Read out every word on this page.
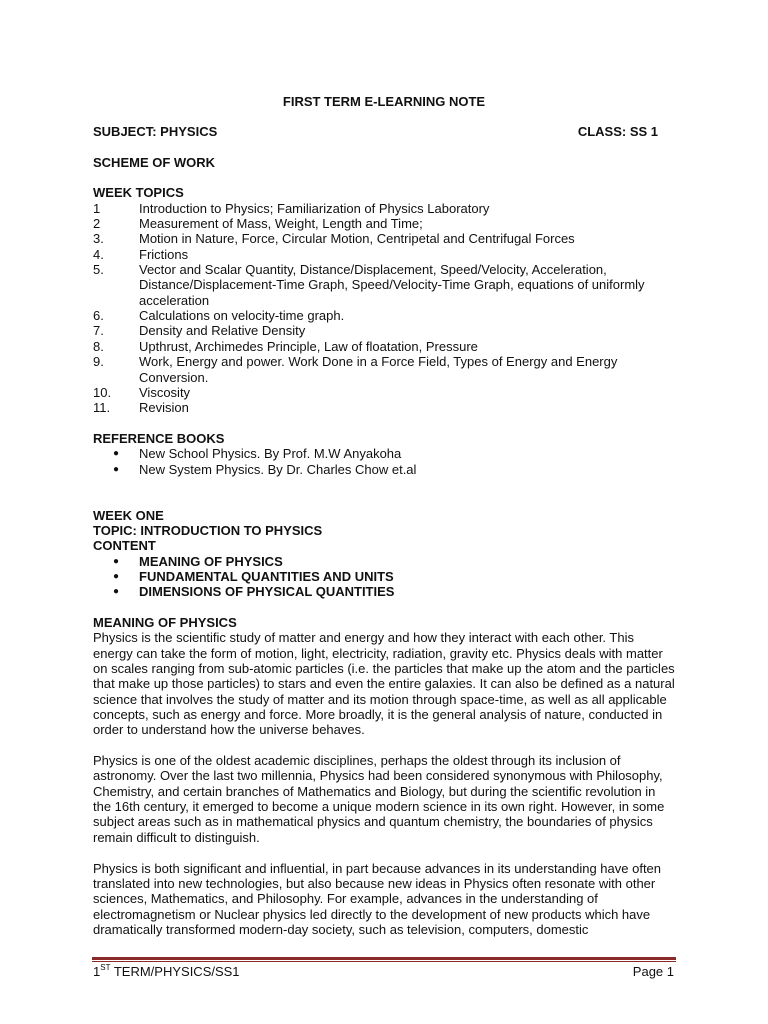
FIRST TERM E-LEARNING NOTE
SUBJECT: PHYSICS	CLASS: SS 1
SCHEME OF WORK
WEEK TOPICS
1	Introduction to Physics; Familiarization of Physics Laboratory
2	Measurement of Mass, Weight, Length and Time;
3.	Motion in Nature, Force, Circular Motion, Centripetal and Centrifugal Forces
4.	Frictions
5.	Vector and Scalar Quantity, Distance/Displacement, Speed/Velocity, Acceleration, Distance/Displacement-Time Graph, Speed/Velocity-Time Graph, equations of uniformly acceleration
6.	Calculations on velocity-time graph.
7.	Density and Relative Density
8.	Upthrust, Archimedes Principle, Law of floatation, Pressure
9.	Work, Energy and power. Work Done in a Force Field, Types of Energy and Energy Conversion.
10.	Viscosity
11.	Revision
REFERENCE BOOKS
●	New School Physics. By Prof. M.W Anyakoha
●	New System Physics. By Dr. Charles Chow et.al
WEEK ONE
TOPIC: INTRODUCTION TO PHYSICS
CONTENT
●	MEANING OF PHYSICS
●	FUNDAMENTAL QUANTITIES AND UNITS
●	DIMENSIONS OF PHYSICAL QUANTITIES
MEANING OF PHYSICS

Physics is the scientific study of matter and energy and how they interact with each other. This energy can take the form of motion, light, electricity, radiation, gravity etc. Physics deals with matter on scales ranging from sub-atomic particles (i.e. the particles that make up the atom and the particles that make up those particles) to stars and even the entire galaxies. It can also be defined as a natural science that involves the study of matter and its motion through space-time, as well as all applicable concepts, such as energy and force. More broadly, it is the general analysis of nature, conducted in order to understand how the universe behaves.

Physics is one of the oldest academic disciplines, perhaps the oldest through its inclusion of astronomy. Over the last two millennia, Physics had been considered synonymous with Philosophy, Chemistry, and certain branches of Mathematics and Biology, but during the scientific revolution in the 16th century, it emerged to become a unique modern science in its own right. However, in some subject areas such as in mathematical physics and quantum chemistry, the boundaries of physics remain difficult to distinguish.

Physics is both significant and influential, in part because advances in its understanding have often translated into new technologies, but also because new ideas in Physics often resonate with other sciences, Mathematics, and Philosophy. For example, advances in the understanding of electromagnetism or Nuclear physics led directly to the development of new products which have dramatically transformed modern-day society, such as television, computers, domestic

1ST TERM/PHYSICS/SS1	Page 1
